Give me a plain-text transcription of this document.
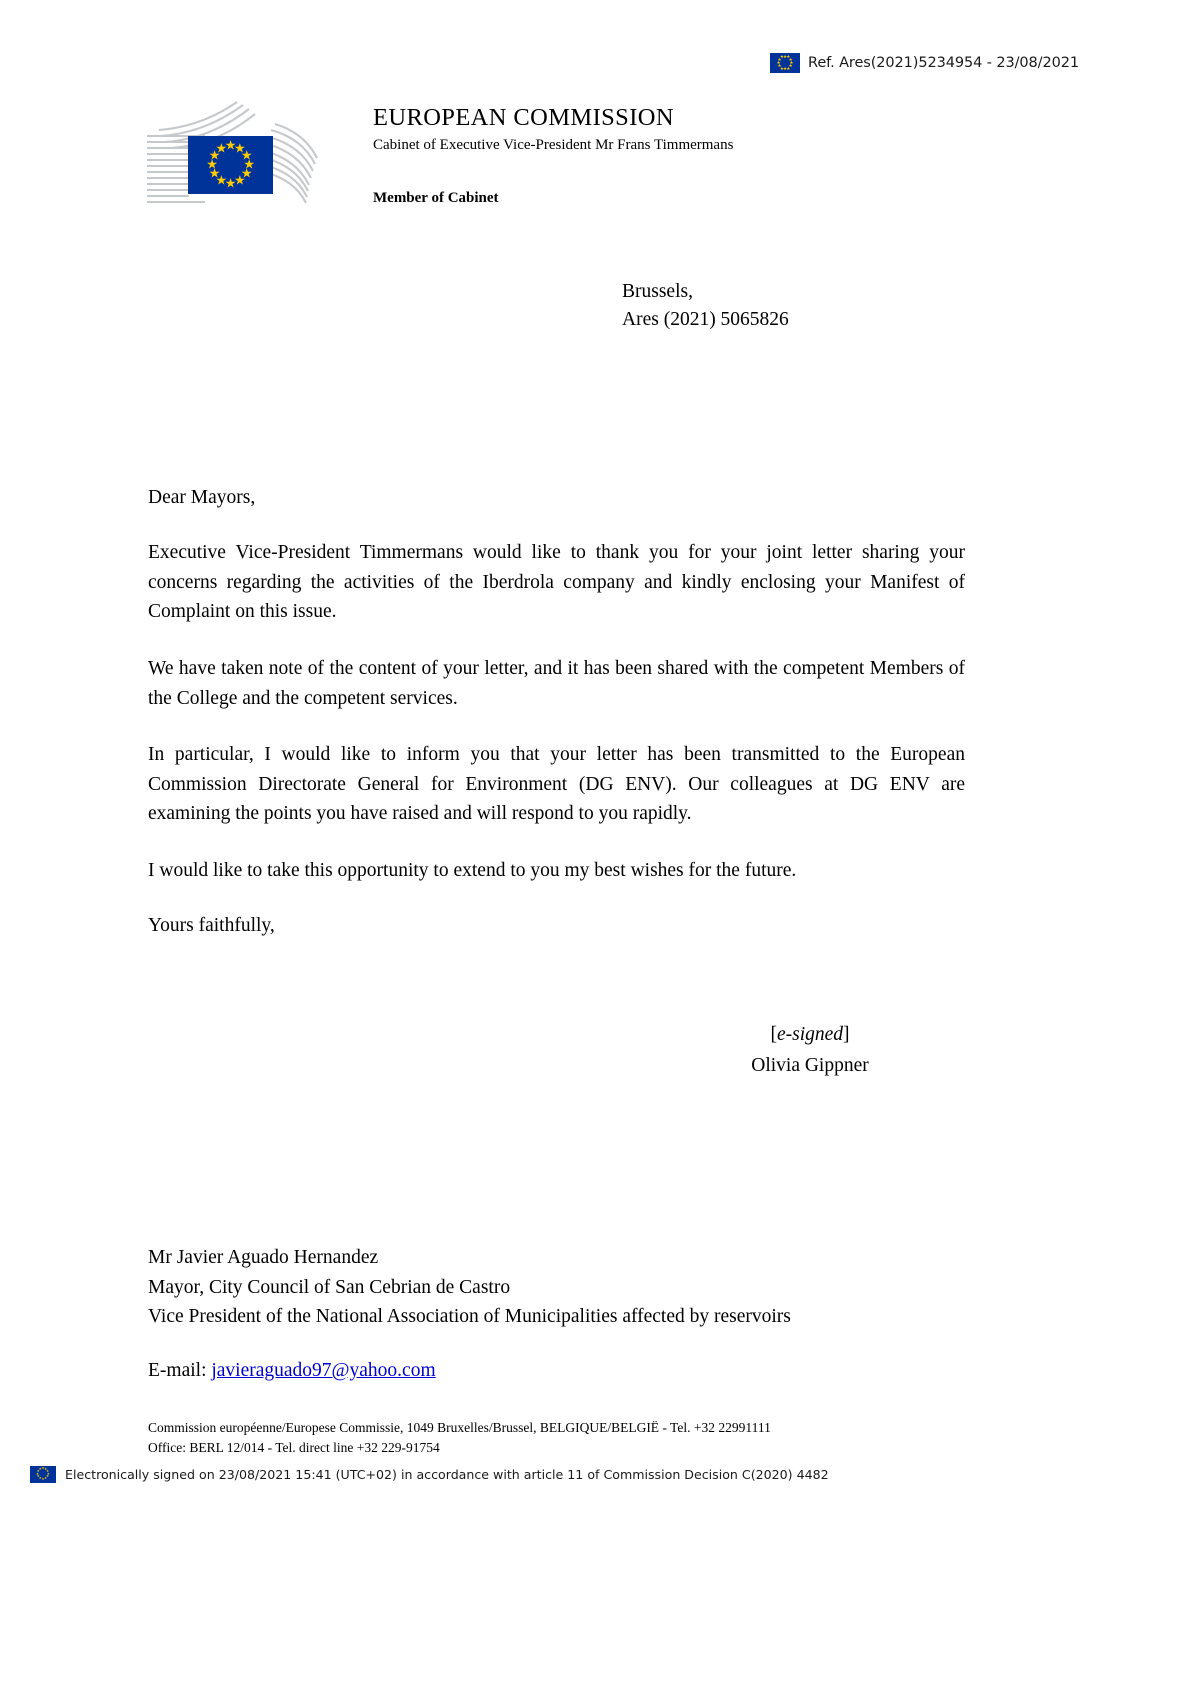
★ ★
★
★
★
★
★
★
★
★
★
★ Ref. Ares(2021)5234954 - 23/08/2021
★
★
★
★
★
★
★
★
★
★
★
★
EUROPEAN COMMISSION
Cabinet of Executive Vice-President Mr Frans Timmermans
Member of Cabinet
Brussels,
Ares (2021) 5065826

Dear Mayors,

Executive Vice-President Timmermans would like to thank you for your joint letter sharing your concerns regarding the activities of the Iberdrola company and kindly enclosing your Manifest of Complaint on this issue.

We have taken note of the content of your letter, and it has been shared with the competent Members of the College and the competent services.

In particular, I would like to inform you that your letter has been transmitted to the European Commission Directorate General for Environment (DG ENV). Our colleagues at DG ENV are examining the points you have raised and will respond to you rapidly.

I would like to take this opportunity to extend to you my best wishes for the future.

Yours faithfully,

[e-signed]
Olivia Gippner
Mr Javier Aguado Hernandez
Mayor, City Council of San Cebrian de Castro
Vice President of the National Association of Municipalities affected by reservoirs
E-mail: javieraguado97@yahoo.com
Commission européenne/Europese Commissie, 1049 Bruxelles/Brussel, BELGIQUE/BELGIË - Tel. +32 22991111
Office: BERL 12/014 - Tel. direct line +32 229-91754
★ ★
★
★
★
★
★
★
★
★
★
★ Electronically signed on 23/08/2021 15:41 (UTC+02) in accordance with article 11 of Commission Decision C(2020) 4482
